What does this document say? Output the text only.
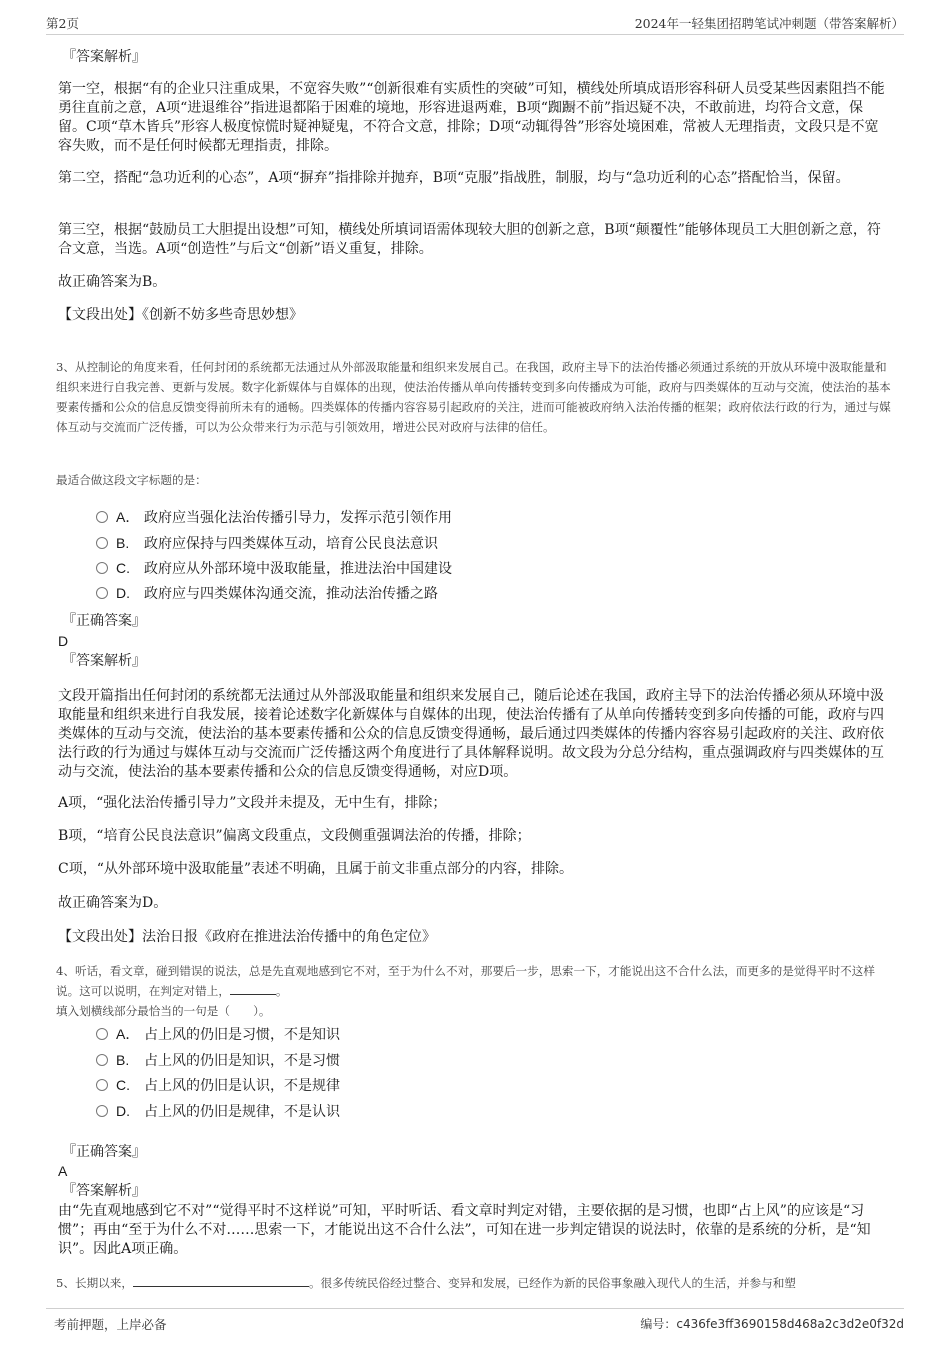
第2页	2024年一轻集团招聘笔试冲刺题（带答案解析）
『答案解析』
第一空，根据“有的企业只注重成果，不宽容失败”“创新很难有实质性的突破”可知，横线处所填成语形容科研人员受某些因素阻挡不能勇往直前之意，A项“进退维谷”指进退都陷于困难的境地，形容进退两难，B项“踟蹰不前”指迟疑不决，不敢前进，均符合文意，保留。C项“草木皆兵”形容人极度惊慌时疑神疑鬼，不符合文意，排除；D项“动辄得咎”形容处境困难，常被人无理指责，文段只是不宽容失败，而不是任何时候都无理指责，排除。
第二空，搭配“急功近利的心态”，A项“摒弃”指排除并抛弃，B项“克服”指战胜，制服，均与“急功近利的心态”搭配恰当，保留。
第三空，根据“鼓励员工大胆提出设想”可知，横线处所填词语需体现较大胆的创新之意，B项“颠覆性”能够体现员工大胆创新之意，符合文意，当选。A项“创造性”与后文“创新”语义重复，排除。
故正确答案为B。
【文段出处】《创新不妨多些奇思妙想》
3、从控制论的角度来看，任何封闭的系统都无法通过从外部汲取能量和组织来发展自己。在我国，政府主导下的法治传播必须通过系统的开放从环境中汲取能量和组织来进行自我完善、更新与发展。数字化新媒体与自媒体的出现，使法治传播从单向传播转变到多向传播成为可能，政府与四类媒体的互动与交流，使法治的基本要素传播和公众的信息反馈变得前所未有的通畅。四类媒体的传播内容容易引起政府的关注，进而可能被政府纳入法治传播的框架；政府依法行政的行为，通过与媒体互动与交流而广泛传播，可以为公众带来行为示范与引领效用，增进公民对政府与法律的信任。
最适合做这段文字标题的是：
A． 政府应当强化法治传播引导力，发挥示范引领作用
B. 政府应保持与四类媒体互动，培育公民良法意识
C. 政府应从外部环境中汲取能量，推进法治中国建设
D. 政府应与四类媒体沟通交流，推动法治传播之路
『正确答案』
D
『答案解析』
文段开篇指出任何封闭的系统都无法通过从外部汲取能量和组织来发展自己，随后论述在我国，政府主导下的法治传播必须从环境中汲取能量和组织来进行自我发展，接着论述数字化新媒体与自媒体的出现，使法治传播有了从单向传播转变到多向传播的可能，政府与四类媒体的互动与交流，使法治的基本要素传播和公众的信息反馈变得通畅，最后通过四类媒体的传播内容容易引起政府的关注、政府依法行政的行为通过与媒体互动与交流而广泛传播这两个角度进行了具体解释说明。故文段为分总分结构，重点强调政府与四类媒体的互动与交流，使法治的基本要素传播和公众的信息反馈变得通畅，对应D项。
A项，“强化法治传播引导力”文段并未提及，无中生有，排除；
B项，“培育公民良法意识”偏离文段重点，文段侧重强调法治的传播，排除；
C项，“从外部环境中汲取能量”表述不明确，且属于前文非重点部分的内容，排除。
故正确答案为D。
【文段出处】法治日报《政府在推进法治传播中的角色定位》
4、听话，看文章，碰到错误的说法，总是先直观地感到它不对，至于为什么不对，那要后一步，思索一下，才能说出这不合什么法，而更多的是觉得平时不这样说。这可以说明，在判定对错上，	。
填入划横线部分最恰当的一句是（　　）。
A． 占上风的仍旧是习惯，不是知识
B. 占上风的仍旧是知识，不是习惯
C. 占上风的仍旧是认识，不是规律
D. 占上风的仍旧是规律，不是认识
『正确答案』
A
『答案解析』
由“先直观地感到它不对”“觉得平时不这样说”可知，平时听话、看文章时判定对错，主要依据的是习惯，也即“占上风”的应该是“习惯”；再由“至于为什么不对……思索一下，才能说出这不合什么法”，可知在进一步判定错误的说法时，依靠的是系统的分析，是“知识”。因此A项正确。
5、长期以来，	。很多传统民俗经过整合、变异和发展，已经作为新的民俗事象融入现代人的生活，并参与和塑
考前押题，上岸必备	编号：c436fe3ff3690158d468a2c3d2e0f32d
